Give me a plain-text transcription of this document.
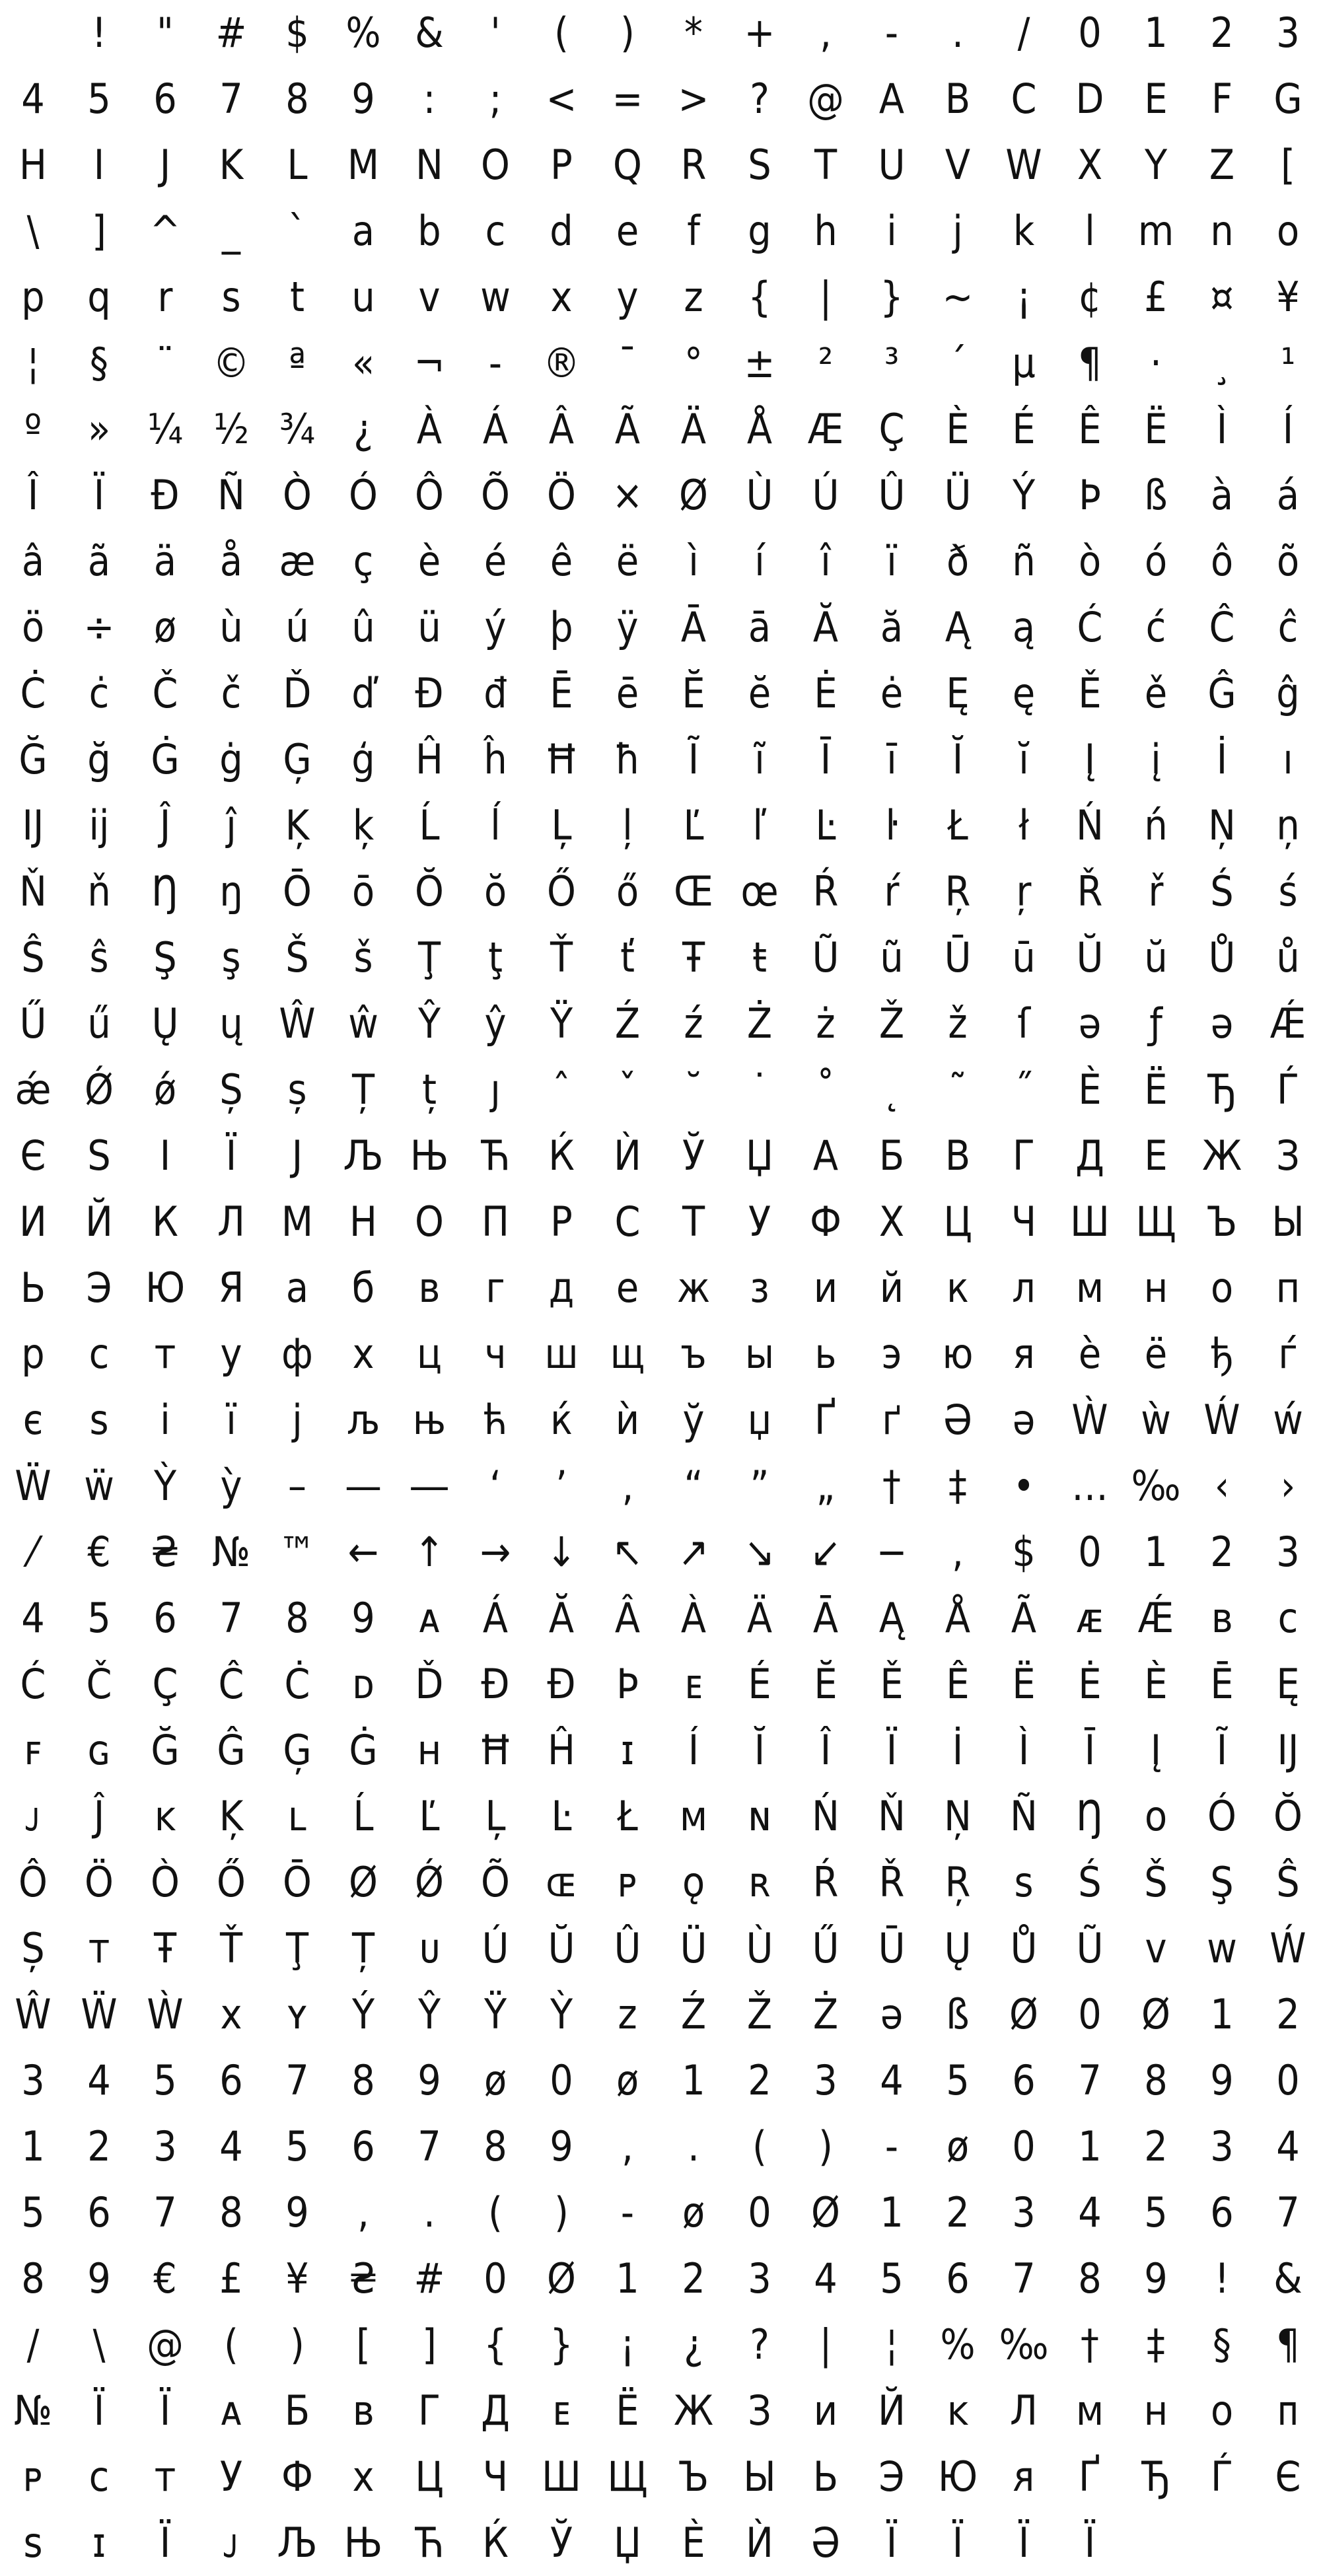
!	"	# $ % &	'	(	)	*	+	,	-	.	/	0	1	2	3
4	5	6	7	8	9	:	;	< = > ? @ A B C D E	F	G
H	I	J	K	L M N O P Q R	S	T	U V W X	Y	Z	[
\	]	^	_	`	a	b	c	d	e	f	g	h	i	j	k	l	m n	o
p	q	r	s	t	u	v w x	y	z	{	|	} ~	¡	¢	£	¤	¥
¦	§	¨ © ª	« ¬	-	® ¯	°	±	²	³	´	µ	¶	·	¸	¹
º	» ¼ ½ ¾ ¿	À Á Â Ã Ä Å Æ Ç	È	É	Ê	Ë	Ì	Í
Î	Ï	Ð Ñ Ò Ó Ô Õ Ö × Ø Ù Ú Û Ü	Ý	Þ	ß	à	á
â	ã	ä	å æ ç	è	é	ê	ë	ì	í	î	ï	ð	ñ	ò	ó	ô	õ
ö ÷ ø	ù	ú	û	ü	ý	þ	ÿ	Ā	ā	Ă	ă	Ą	ą	Ć	ć	Ĉ	ĉ
Ċ	ċ	Č	č	Ď ď Đ đ	Ē	ē	Ĕ	ĕ	Ė	ė	Ę	ę	Ě	ě Ĝ ĝ
Ğ ğ Ġ ġ Ģ ģ Ĥ ĥ Ħ ħ	Ĩ	ĩ	Ī	ī	Ĭ	ĭ	Į	į	İ	ı
Ĳ	ĳ	Ĵ	ĵ	Ķ	ķ	Ĺ	ĺ	Ļ	ļ	Ľ	ľ	Ŀ	ŀ	Ł	ł	Ń ń Ņ ņ
Ň ň Ŋ ŋ Ō ō Ŏ ŏ Ő ő Œ œ Ŕ	ŕ	Ŗ	ŗ	Ř	ř	Ś	ś
Ŝ	ŝ	Ş	ş	Š	š	Ţ	ţ	Ť	ť	Ŧ	ŧ	Ũ ũ Ū ū Ŭ ŭ Ů ů
Ű ű Ų ų Ŵ ŵ Ŷ	ŷ	Ÿ	Ź	ź	Ż	ż	Ž	ž	ſ	ə	ƒ	ə Ǽ
ǽ Ǿ ǿ	Ș	ș	Ț	ț	ȷ	ˆ	ˇ	˘	˙	˚	˛	˜	˝	Ѐ	Ё Ђ Ѓ
Є	Ѕ	І	Ї	Ј Љ Њ Ћ Ќ Ѝ	Ў	Џ А Б В	Г Д Е Ж З
И Й К Л М Н О П	Р	С	Т	У Ф Х Ц Ч Ш Щ Ъ Ы
Ь Э Ю Я	а	б	в	г	д	е ж з	и	й	к	л м н	о	п
р	с	т	у ф х	ц	ч ш щ ъ ы ь	э ю я	ѐ	ё	ђ	ѓ
є	ѕ	і	ї	ј	љ њ ћ	ќ	ѝ	ў	џ	Ґ	ґ	Ә ә Ẁ ẁ Ẃ ẃ
Ẅ ẅ Ỳ	ỳ	– — ―	‘	’	‚	“	”	„	†	‡	• … ‰ ‹	›
⁄	€ ₴ № ™ ← ↑ → ↓ ↖ ↗ ↘ ↙ −	,	$	0	1	2	3
4	5	6	7	8	9	ᴀ	Á Ă Â À Ä Ā Ą Å Ã ᴁ Ǽ ʙ	ᴄ
Ć Č Ç Ĉ Ċ	ᴅ Ď Đ Đ Þ	ᴇ	É	Ĕ	Ě	Ê	Ë	Ė	È	Ē	Ę
ꜰ	ɢ Ğ Ĝ Ģ Ġ ʜ Ħ Ĥ	ɪ	Í	Ĭ	Î	Ï	İ	Ì	Ī	Į	Ĩ	Ĳ
ᴊ	Ĵ	ᴋ	Ķ	ʟ	Ĺ	Ľ	Ļ	Ŀ	Ł	ᴍ ɴ Ń Ň Ņ Ñ Ŋ	ᴏ Ó Ŏ
Ô Ö Ò Ő Ō Ø Ǿ Õ ɶ ᴘ	ǫ	ʀ	Ŕ Ř Ŗ	ꜱ	Ś	Š	Ş	Ŝ
Ș	ᴛ	Ŧ	Ť	Ţ	Ț	ᴜ	Ú Ŭ Û Ü Ù Ű Ū Ų Ů Ũ	ᴠ ᴡ Ẃ
Ŵ Ẅ Ẁ x	ʏ	Ý	Ŷ	Ÿ	Ỳ	ᴢ	Ź Ž Ż	ə	ß Ø 0 Ø 1	2
3	4	5	6	7	8	9	ø	0	ø	1	2	3	4	5	6	7	8	9	0
1	2	3	4	5	6	7	8	9	,	.	(	)	-	ø	0	1	2	3	4
5	6	7	8	9	,	.	(	)	-	ø	0 Ø 1	2	3	4	5	6	7
8	9	€	£	¥ ₴ # 0 Ø 1	2	3	4	5	6	7	8	9	!	&
/	\	@ (	)	[	]	{	}	¡	¿	?	|	¦	% ‰ †	‡	§	¶
№	Ї	Ї	ᴀ	Б	ʙ	Г Д	ᴇ	Ё Ж З	ᴎ Й	ᴋ	Л ᴍ ʜ	ᴏ	ᴨ
ᴘ	ᴄ	ᴛ	У Ф x Ц Ч Ш Щ Ъ Ы Ь Э Ю ᴙ	Ґ Ђ Ѓ	Є
ꜱ	ɪ	Ї	ᴊ Љ Њ Ћ Ќ	Ў	Џ Ѐ Ѝ Ә	Ї	Ї	Ї	Ї
